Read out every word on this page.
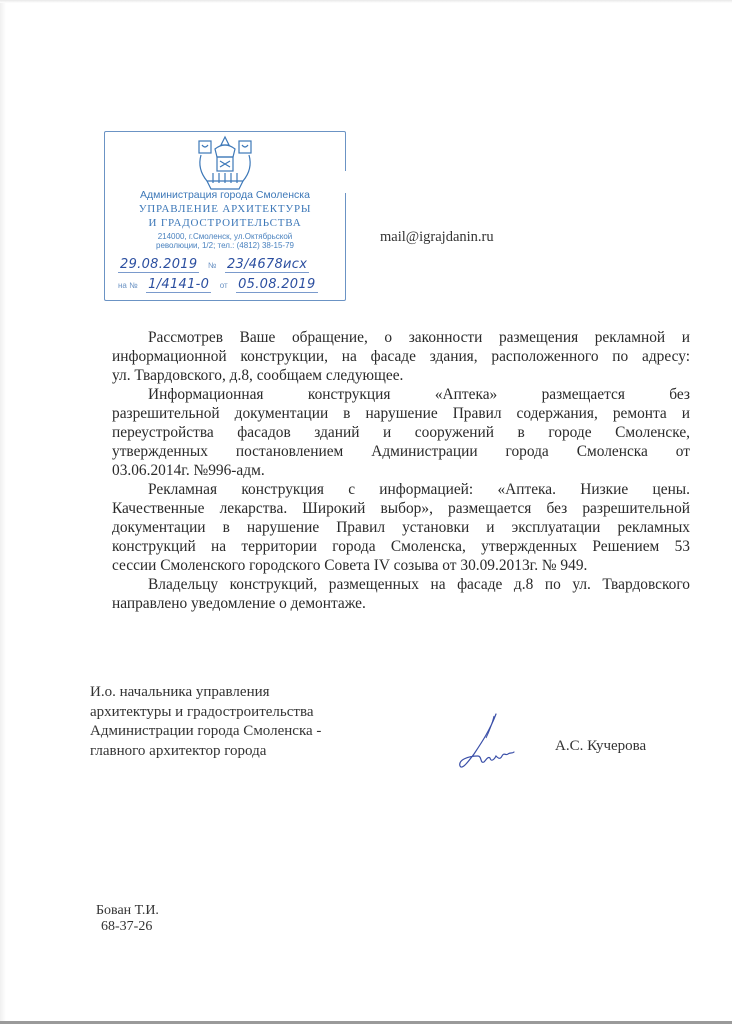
Администрация города Смоленска
УПРАВЛЕНИЕ АРХИТЕКТУРЫ
И ГРАДОСТРОИТЕЛЬСТВА
214000, г.Смоленск, ул.Октябрьской
революции, 1/2; тел.: (4812) 38-15-79
29.08.2019 № 23/4678исх
на № 1/4141-0 от 05.08.2019
mail@igrajdanin.ru
Рассмотрев Ваше обращение, о законности размещения рекламной и
информационной конструкции, на фасаде здания, расположенного по адресу:
ул. Твардовского, д.8, сообщаем следующее.
Информационная конструкция «Аптека» размещается без
разрешительной документации в нарушение Правил содержания, ремонта и
переустройства фасадов зданий и сооружений в городе Смоленске,
утвержденных постановлением Администрации города Смоленска от
03.06.2014г. №996-адм.
Рекламная конструкция с информацией: «Аптека. Низкие цены.
Качественные лекарства. Широкий выбор», размещается без разрешительной
документации в нарушение Правил установки и эксплуатации рекламных
конструкций на территории города Смоленска, утвержденных Решением 53
сессии Смоленского городского Совета IV созыва от 30.09.2013г. № 949.
Владельцу конструкций, размещенных на фасаде д.8 по ул. Твардовского
направлено уведомление о демонтаже.
И.о. начальника управления
архитектуры и градостроительства
Администрации города Смоленска -
главного архитектор города	А.С. Кучерова
Бован Т.И.
68-37-26
